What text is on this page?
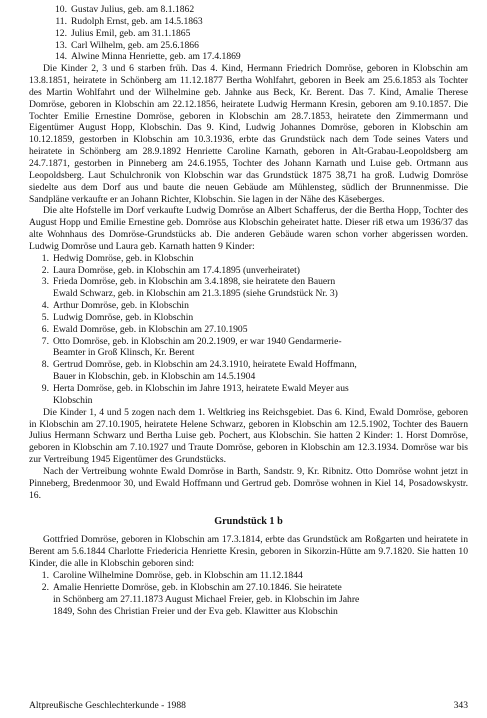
10. Gustav Julius, geb. am 8.1.1862
11. Rudolph Ernst, geb. am 14.5.1863
12. Julius Emil, geb. am 31.1.1865
13. Carl Wilhelm, geb. am 25.6.1866
14. Alwine Minna Henriette, geb. am 17.4.1869

Die Kinder 2, 3 und 6 starben früh. Das 4. Kind, Hermann Friedrich Domröse, geboren in Klobschin am 13.8.1851, heiratete in Schönberg am 11.12.1877 Bertha Wohlfahrt, geboren in Beek am 25.6.1853 als Tochter des Martin Wohlfahrt und der Wilhelmine geb. Jahnke aus Beck, Kr. Berent. Das 7. Kind, Amalie Therese Domröse, geboren in Klobschin am 22.12.1856, heiratete Ludwig Hermann Kresin, geboren am 9.10.1857. Die Tochter Emilie Ernestine Domröse, geboren in Klobschin am 28.7.1853, heiratete den Zimmermann und Eigentümer August Hopp, Klobschin. Das 9. Kind, Ludwig Johannes Domröse, geboren in Klobschin am 10.12.1859, gestorben in Klobschin am 10.3.1936, erbte das Grundstück nach dem Tode seines Vaters und heiratete in Schönberg am 28.9.1892 Henriette Caroline Karnath, geboren in Alt-Grabau-Leopoldsberg am 24.7.1871, gestorben in Pinneberg am 24.6.1955, Tochter des Johann Karnath und Luise geb. Ortmann aus Leopoldsberg. Laut Schulchronik von Klobschin war das Grundstück 1875 38,71 ha groß. Ludwig Domröse siedelte aus dem Dorf aus und baute die neuen Gebäude am Mühlensteg, südlich der Brunnenmisse. Die Sandpläne verkaufte er an Johann Richter, Klobschin. Sie lagen in der Nähe des Käseberges.

Die alte Hofstelle im Dorf verkaufte Ludwig Domröse an Albert Schafferus, der die Bertha Hopp, Tochter des August Hopp und Emilie Ernestine geb. Domröse aus Klobschin geheiratet hatte. Dieser riß etwa um 1936/37 das alte Wohnhaus des Domröse-Grundstücks ab. Die anderen Gebäude waren schon vorher abgerissen worden. Ludwig Domröse und Laura geb. Karnath hatten 9 Kinder:

1. Hedwig Domröse, geb. in Klobschin
2. Laura Domröse, geb. in Klobschin am 17.4.1895 (unverheiratet)
3. Frieda Domröse, geb. in Klobschin am 3.4.1898, sie heiratete den Bauern
Ewald Schwarz, geb. in Klobschin am 21.3.1895 (siehe Grundstück Nr. 3)
4. Arthur Domröse, geb. in Klobschin
5. Ludwig Domröse, geb. in Klobschin
6. Ewald Domröse, geb. in Klobschin am 27.10.1905
7. Otto Domröse, geb. in Klobschin am 20.2.1909, er war 1940 Gendarmerie-
Beamter in Groß Klinsch, Kr. Berent
8. Gertrud Domröse, geb. in Klobschin am 24.3.1910, heiratete Ewald Hoffmann,
Bauer in Klobschin, geb. in Klobschin am 14.5.1904
9. Herta Domröse, geb. in Klobschin im Jahre 1913, heiratete Ewald Meyer aus
Klobschin

Die Kinder 1, 4 und 5 zogen nach dem 1. Weltkrieg ins Reichsgebiet. Das 6. Kind, Ewald Domröse, geboren in Klobschin am 27.10.1905, heiratete Helene Schwarz, geboren in Klobschin am 12.5.1902, Tochter des Bauern Julius Hermann Schwarz und Bertha Luise geb. Pochert, aus Klobschin. Sie hatten 2 Kinder: 1. Horst Domröse, geboren in Klobschin am 7.10.1927 und Traute Domröse, geboren in Klobschin am 12.3.1934. Domröse war bis zur Vertreibung 1945 Eigentümer des Grundstücks.

Nach der Vertreibung wohnte Ewald Domröse in Barth, Sandstr. 9, Kr. Ribnitz. Otto Domröse wohnt jetzt in Pinneberg, Bredenmoor 30, und Ewald Hoffmann und Gertrud geb. Domröse wohnen in Kiel 14, Posadowskystr. 16.

Grundstück 1 b

Gottfried Domröse, geboren in Klobschin am 17.3.1814, erbte das Grundstück am Roßgarten und heiratete in Berent am 5.6.1844 Charlotte Friedericia Henriette Kresin, geboren in Sikorzin-Hütte am 9.7.1820. Sie hatten 10 Kinder, die alle in Klobschin geboren sind:

1. Caroline Wilhelmine Domröse, geb. in Klobschin am 11.12.1844
2. Amalie Henriette Domröse, geb. in Klobschin am 27.10.1846. Sie heiratete
in Schönberg am 27.11.1873 August Michael Freier, geb. in Klobschin im Jahre
1849, Sohn des Christian Freier und der Eva geb. Klawitter aus Klobschin
Altpreußische Geschlechterkunde - 1988	343
